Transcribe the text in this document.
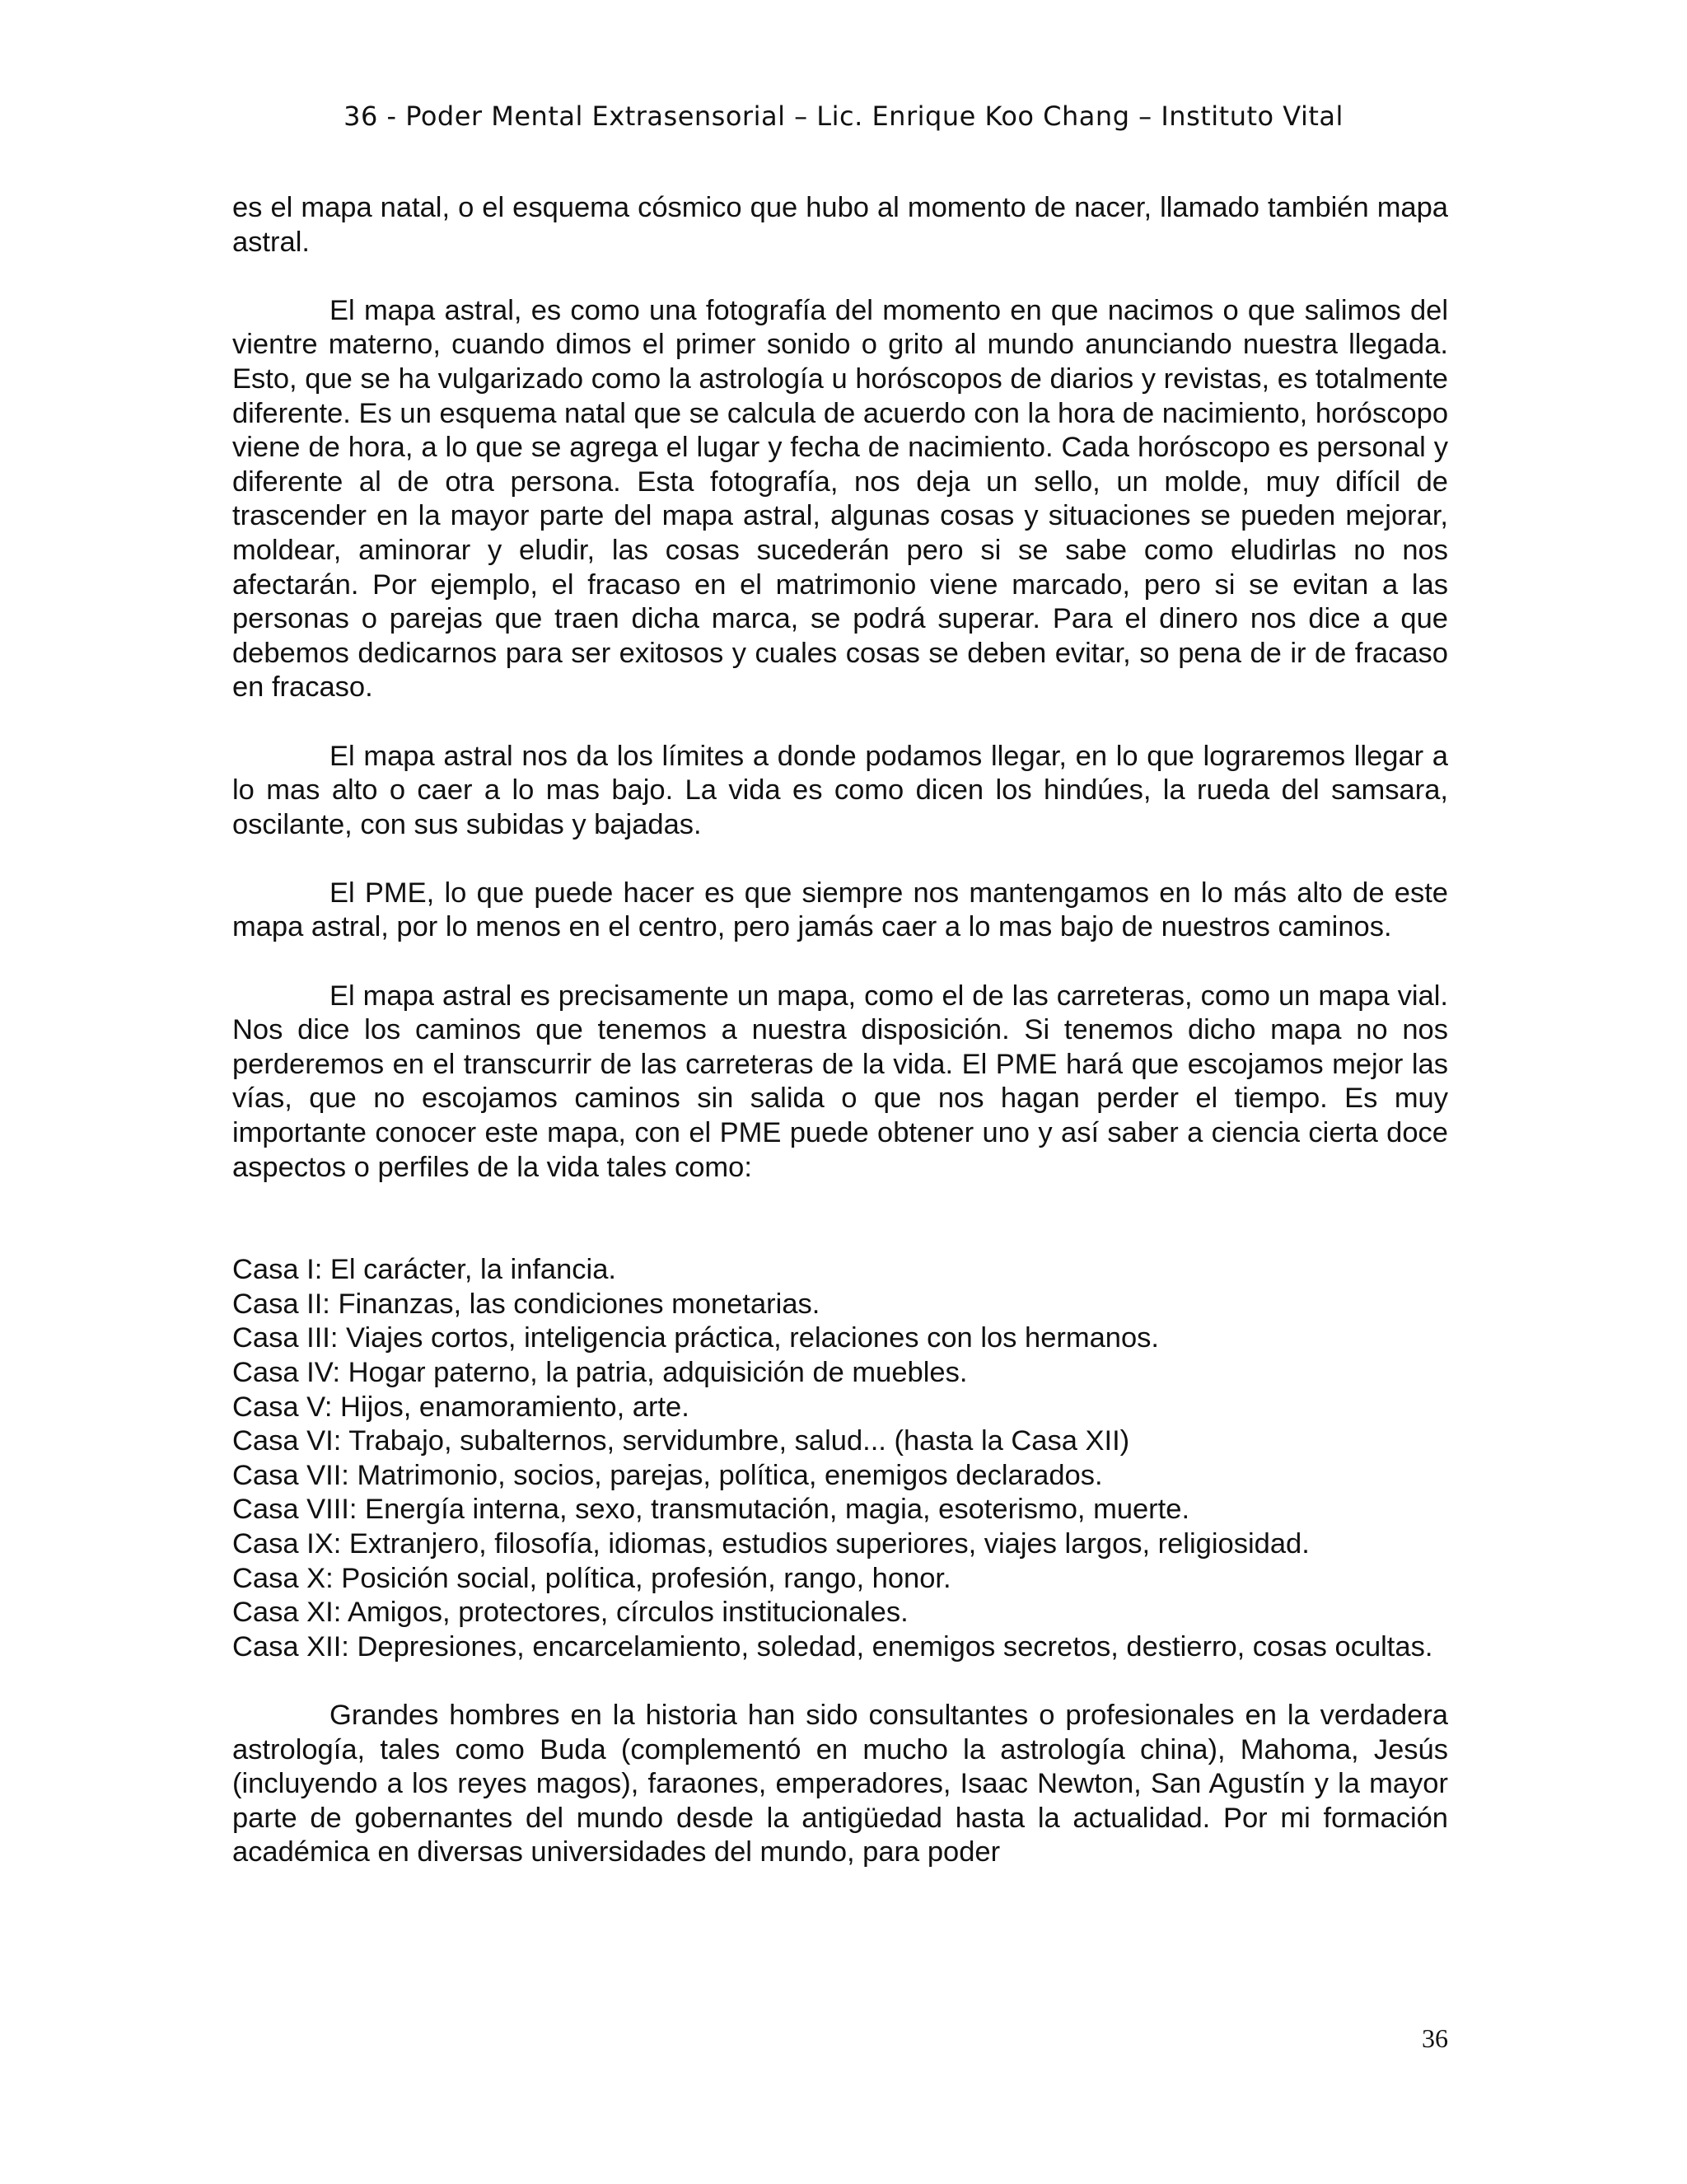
36 - Poder Mental Extrasensorial – Lic. Enrique Koo Chang – Instituto Vital

es el mapa natal, o el esquema cósmico que hubo al momento de nacer, llamado también mapa astral.

El mapa astral, es como una fotografía del momento en que nacimos o que salimos del vientre materno, cuando dimos el primer sonido o grito al mundo anunciando nuestra llegada. Esto, que se ha vulgarizado como la astrología u horóscopos de diarios y revistas, es totalmente diferente. Es un esquema natal que se calcula de acuerdo con la hora de nacimiento, horóscopo viene de hora, a lo que se agrega el lugar y fecha de nacimiento. Cada horóscopo es personal y diferente al de otra persona. Esta fotografía, nos deja un sello, un molde, muy difícil de trascender en la mayor parte del mapa astral, algunas cosas y situaciones se pueden mejorar, moldear, aminorar y eludir, las cosas sucederán pero si se sabe como eludirlas no nos afectarán. Por ejemplo, el fracaso en el matrimonio viene marcado, pero si se evitan a las personas o parejas que traen dicha marca, se podrá superar. Para el dinero nos dice a que debemos dedicarnos para ser exitosos y cuales cosas se deben evitar, so pena de ir de fracaso en fracaso.

El mapa astral nos da los límites a donde podamos llegar, en lo que lograremos llegar a lo mas alto o caer a lo mas bajo. La vida es como dicen los hindúes, la rueda del samsara, oscilante, con sus subidas y bajadas.

El PME, lo que puede hacer es que siempre nos mantengamos en lo más alto de este mapa astral, por lo menos en el centro, pero jamás caer a lo mas bajo de nuestros caminos.

El mapa astral es precisamente un mapa, como el de las carreteras, como un mapa vial. Nos dice los caminos que tenemos a nuestra disposición. Si tenemos dicho mapa no nos perderemos en el transcurrir de las carreteras de la vida. El PME hará que escojamos mejor las vías, que no escojamos caminos sin salida o que nos hagan perder el tiempo. Es muy importante conocer este mapa, con el PME puede obtener uno y así saber a ciencia cierta doce aspectos o perfiles de la vida tales como:

Casa I: El carácter, la infancia.

Casa II: Finanzas, las condiciones monetarias.

Casa III: Viajes cortos, inteligencia práctica, relaciones con los hermanos.

Casa IV: Hogar paterno, la patria, adquisición de muebles.

Casa V: Hijos, enamoramiento, arte.

Casa VI: Trabajo, subalternos, servidumbre, salud... (hasta la Casa XII)

Casa VII: Matrimonio, socios, parejas, política, enemigos declarados.

Casa VIII: Energía interna, sexo, transmutación, magia, esoterismo, muerte.

Casa IX: Extranjero, filosofía, idiomas, estudios superiores, viajes largos, religiosidad.

Casa X: Posición social, política, profesión, rango, honor.

Casa XI: Amigos, protectores, círculos institucionales.

Casa XII: Depresiones, encarcelamiento, soledad, enemigos secretos, destierro, cosas ocultas.

Grandes hombres en la historia han sido consultantes o profesionales en la verdadera astrología, tales como Buda (complementó en mucho la astrología china), Mahoma, Jesús (incluyendo a los reyes magos), faraones, emperadores, Isaac Newton, San Agustín y la mayor parte de gobernantes del mundo desde la antigüedad hasta la actualidad. Por mi formación académica en diversas universidades del mundo, para poder

36
